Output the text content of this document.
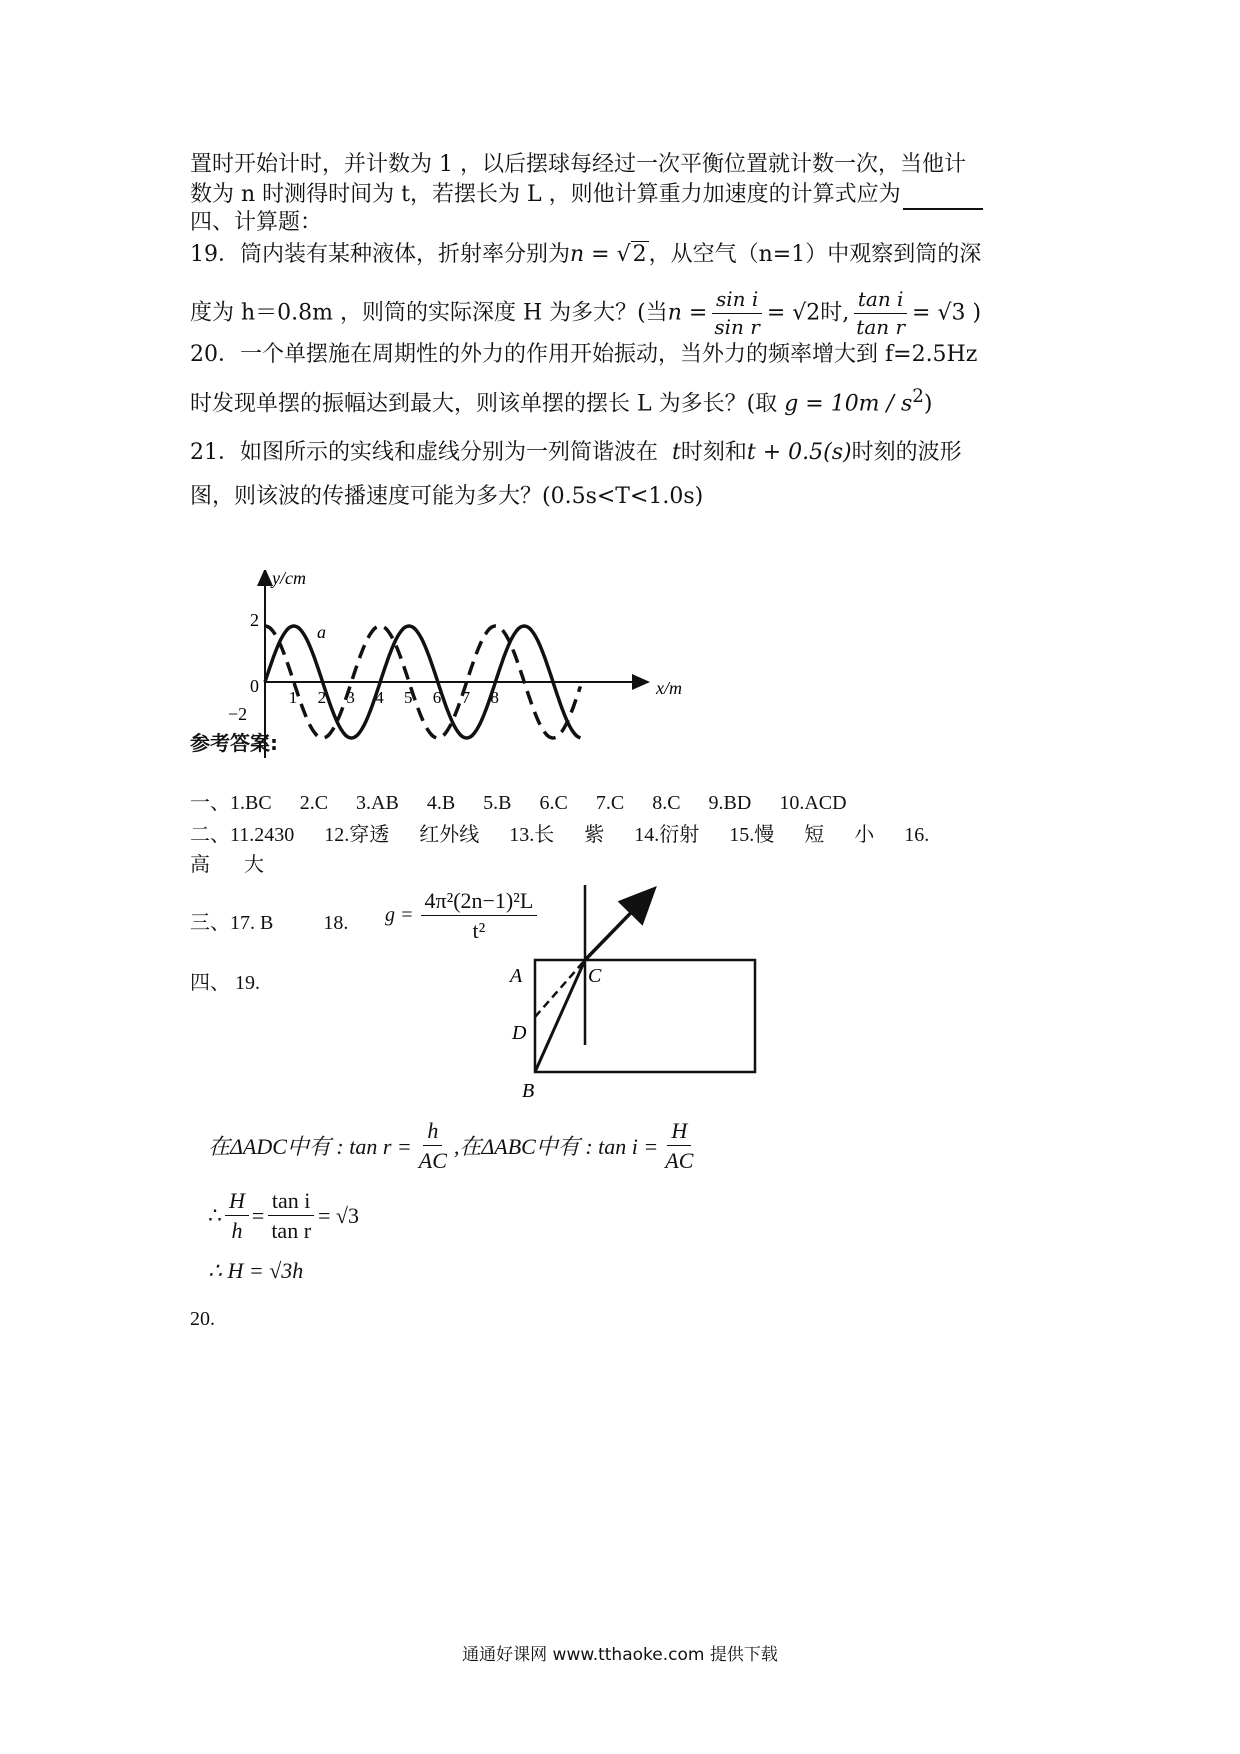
置时开始计时，并计数为 1 ，以后摆球每经过一次平衡位置就计数一次，当他计
数为 n 时测得时间为 t，若摆长为 L ，则他计算重力加速度的计算式应为
四、计算题：
19．筒内装有某种液体，折射率分别为n = √2，从空气（n=1）中观察到筒的深
度为 h＝0.8m ，则筒的实际深度 H 为多大？(当$n = \frac{\text{sin i}}{\text{sin r}} = √2$时, $\frac{\text{tan i}}{\text{tan r}} = √3$ )
20．一个单摆施在周期性的外力的作用开始振动，当外力的频率增大到 f=2.5Hz
时发现单摆的振幅达到最大，则该单摆的摆长 L 为多长？(取 $g = 10m / s^2$)
21．如图所示的实线和虚线分别为一列简谐波在 t时刻和t + 0.5(s)时刻的波形
图，则该波的传播速度可能为多大？(0.5s<T<1.0s)
y/cm
x/m
2
−2
0
1 2 3 4 5 6 7 8
a
参考答案:
一、1.BC 2.C 3.AB 4.B 5.B 6.C 7.C 8.C 9.BD 10.ACD
二、11.2430 12.穿透 红外线 13.长 紫 14.衍射 15.慢 短 小 16.
高 大
三、17. B	18. $g = \frac{\text{4π²(2n−1)²L}}{\text{t²}}$
四、 19.	A	C
D
B
在ΔADC中有 : $\tan r = \frac{h}{AC}$ ,在ΔABC中有 : $\tan i = \frac{H}{AC}$
∴ $\frac{H}{h} = \frac{\text{tan i}}{\text{tan r}} = √3$
∴ H = √3h
20.
通通好课网 www.tthaoke.com 提供下载
